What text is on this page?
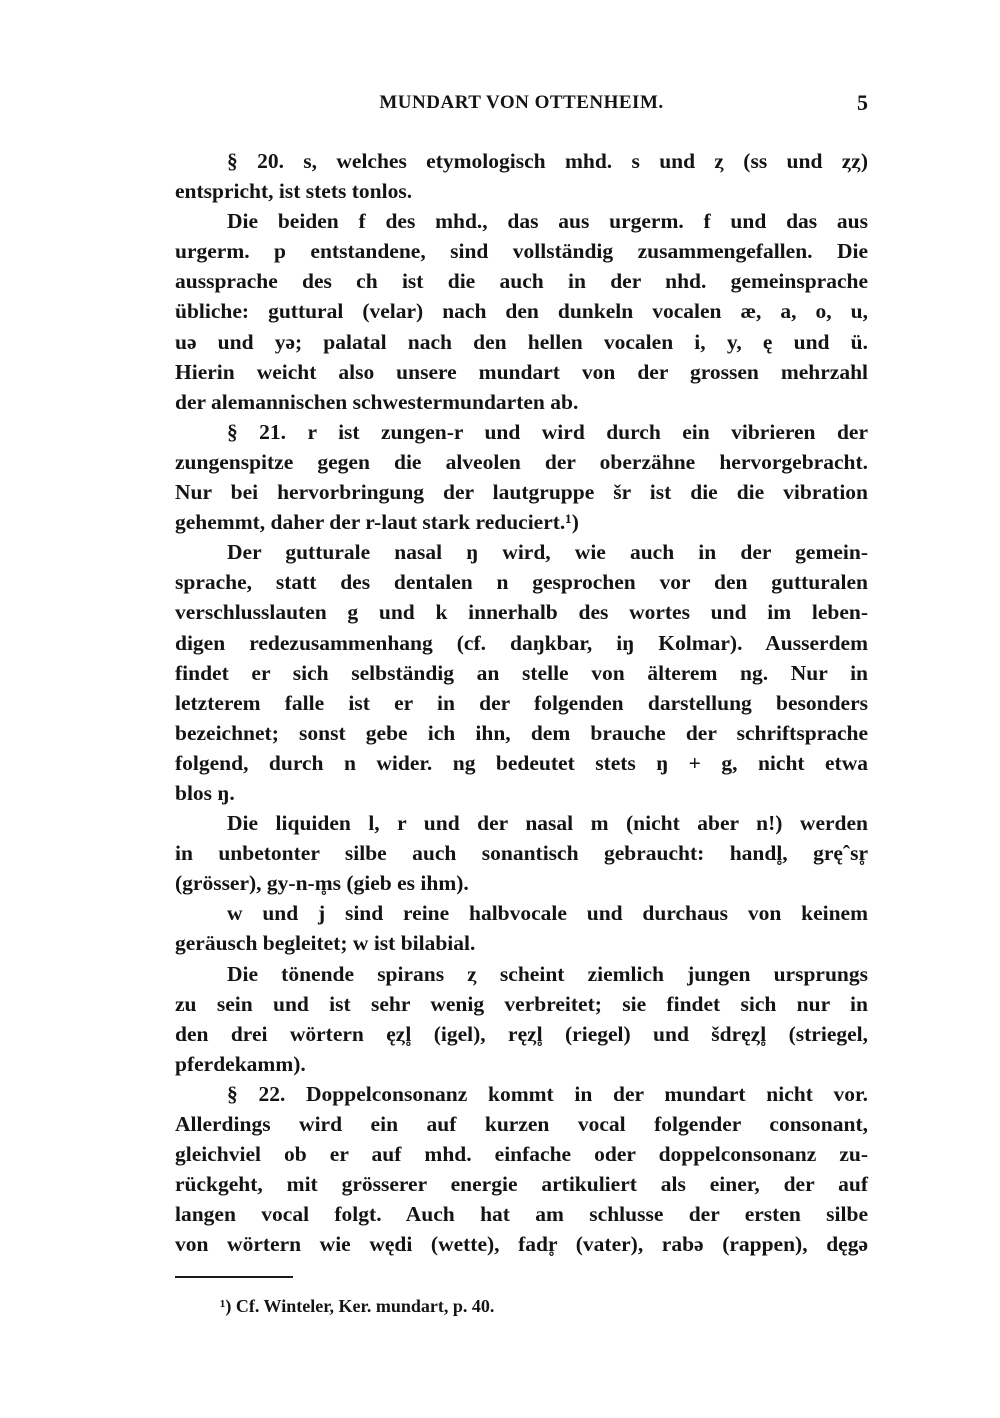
MUNDART VON OTTENHEIM.	5
§ 20. s, welches etymologisch mhd. s und ȥ (ss und ȥȥ)
entspricht, ist stets tonlos.
Die beiden f des mhd., das aus urgerm. f und das aus
urgerm. p entstandene, sind vollständig zusammengefallen. Die
aussprache des ch ist die auch in der nhd. gemeinsprache
übliche: guttural (velar) nach den dunkeln vocalen æ, a, o, u,
uə und yə; palatal nach den hellen vocalen i, y, ę und ü.
Hierin weicht also unsere mundart von der grossen mehrzahl
der alemannischen schwestermundarten ab.
§ 21. r ist zungen-r und wird durch ein vibrieren der
zungenspitze gegen die alveolen der oberzähne hervorgebracht.
Nur bei hervorbringung der lautgruppe šr ist die die vibration
gehemmt, daher der r-laut stark reduciert.¹)
Der gutturale nasal ŋ wird, wie auch in der gemein-
sprache, statt des dentalen n gesprochen vor den gutturalen
verschlusslauten g und k innerhalb des wortes und im leben-
digen redezusammenhang (cf. daŋkbar, iŋ Kolmar). Ausserdem
findet er sich selbständig an stelle von älterem ng. Nur in
letzterem falle ist er in der folgenden darstellung besonders
bezeichnet; sonst gebe ich ihn, dem brauche der schriftsprache
folgend, durch n wider. ng bedeutet stets ŋ + g, nicht etwa
blos ŋ.
Die liquiden l, r und der nasal m (nicht aber n!) werden
in unbetonter silbe auch sonantisch gebraucht: handl̥, gręˆsr̥
(grösser), gy-n-m̥s (gieb es ihm).
w und j sind reine halbvocale und durchaus von keinem
geräusch begleitet; w ist bilabial.
Die tönende spirans ȥ scheint ziemlich jungen ursprungs
zu sein und ist sehr wenig verbreitet; sie findet sich nur in
den drei wörtern ęȥl̥ (igel), ręȥl̥ (riegel) und šdręȥl̥ (striegel,
pferdekamm).
§ 22. Doppelconsonanz kommt in der mundart nicht vor.
Allerdings wird ein auf kurzen vocal folgender consonant,
gleichviel ob er auf mhd. einfache oder doppelconsonanz zu-
rückgeht, mit grösserer energie artikuliert als einer, der auf
langen vocal folgt. Auch hat am schlusse der ersten silbe
von wörtern wie wędi (wette), fadr̥ (vater), rabə (rappen), dęgə
¹) Cf. Winteler, Ker. mundart, p. 40.
